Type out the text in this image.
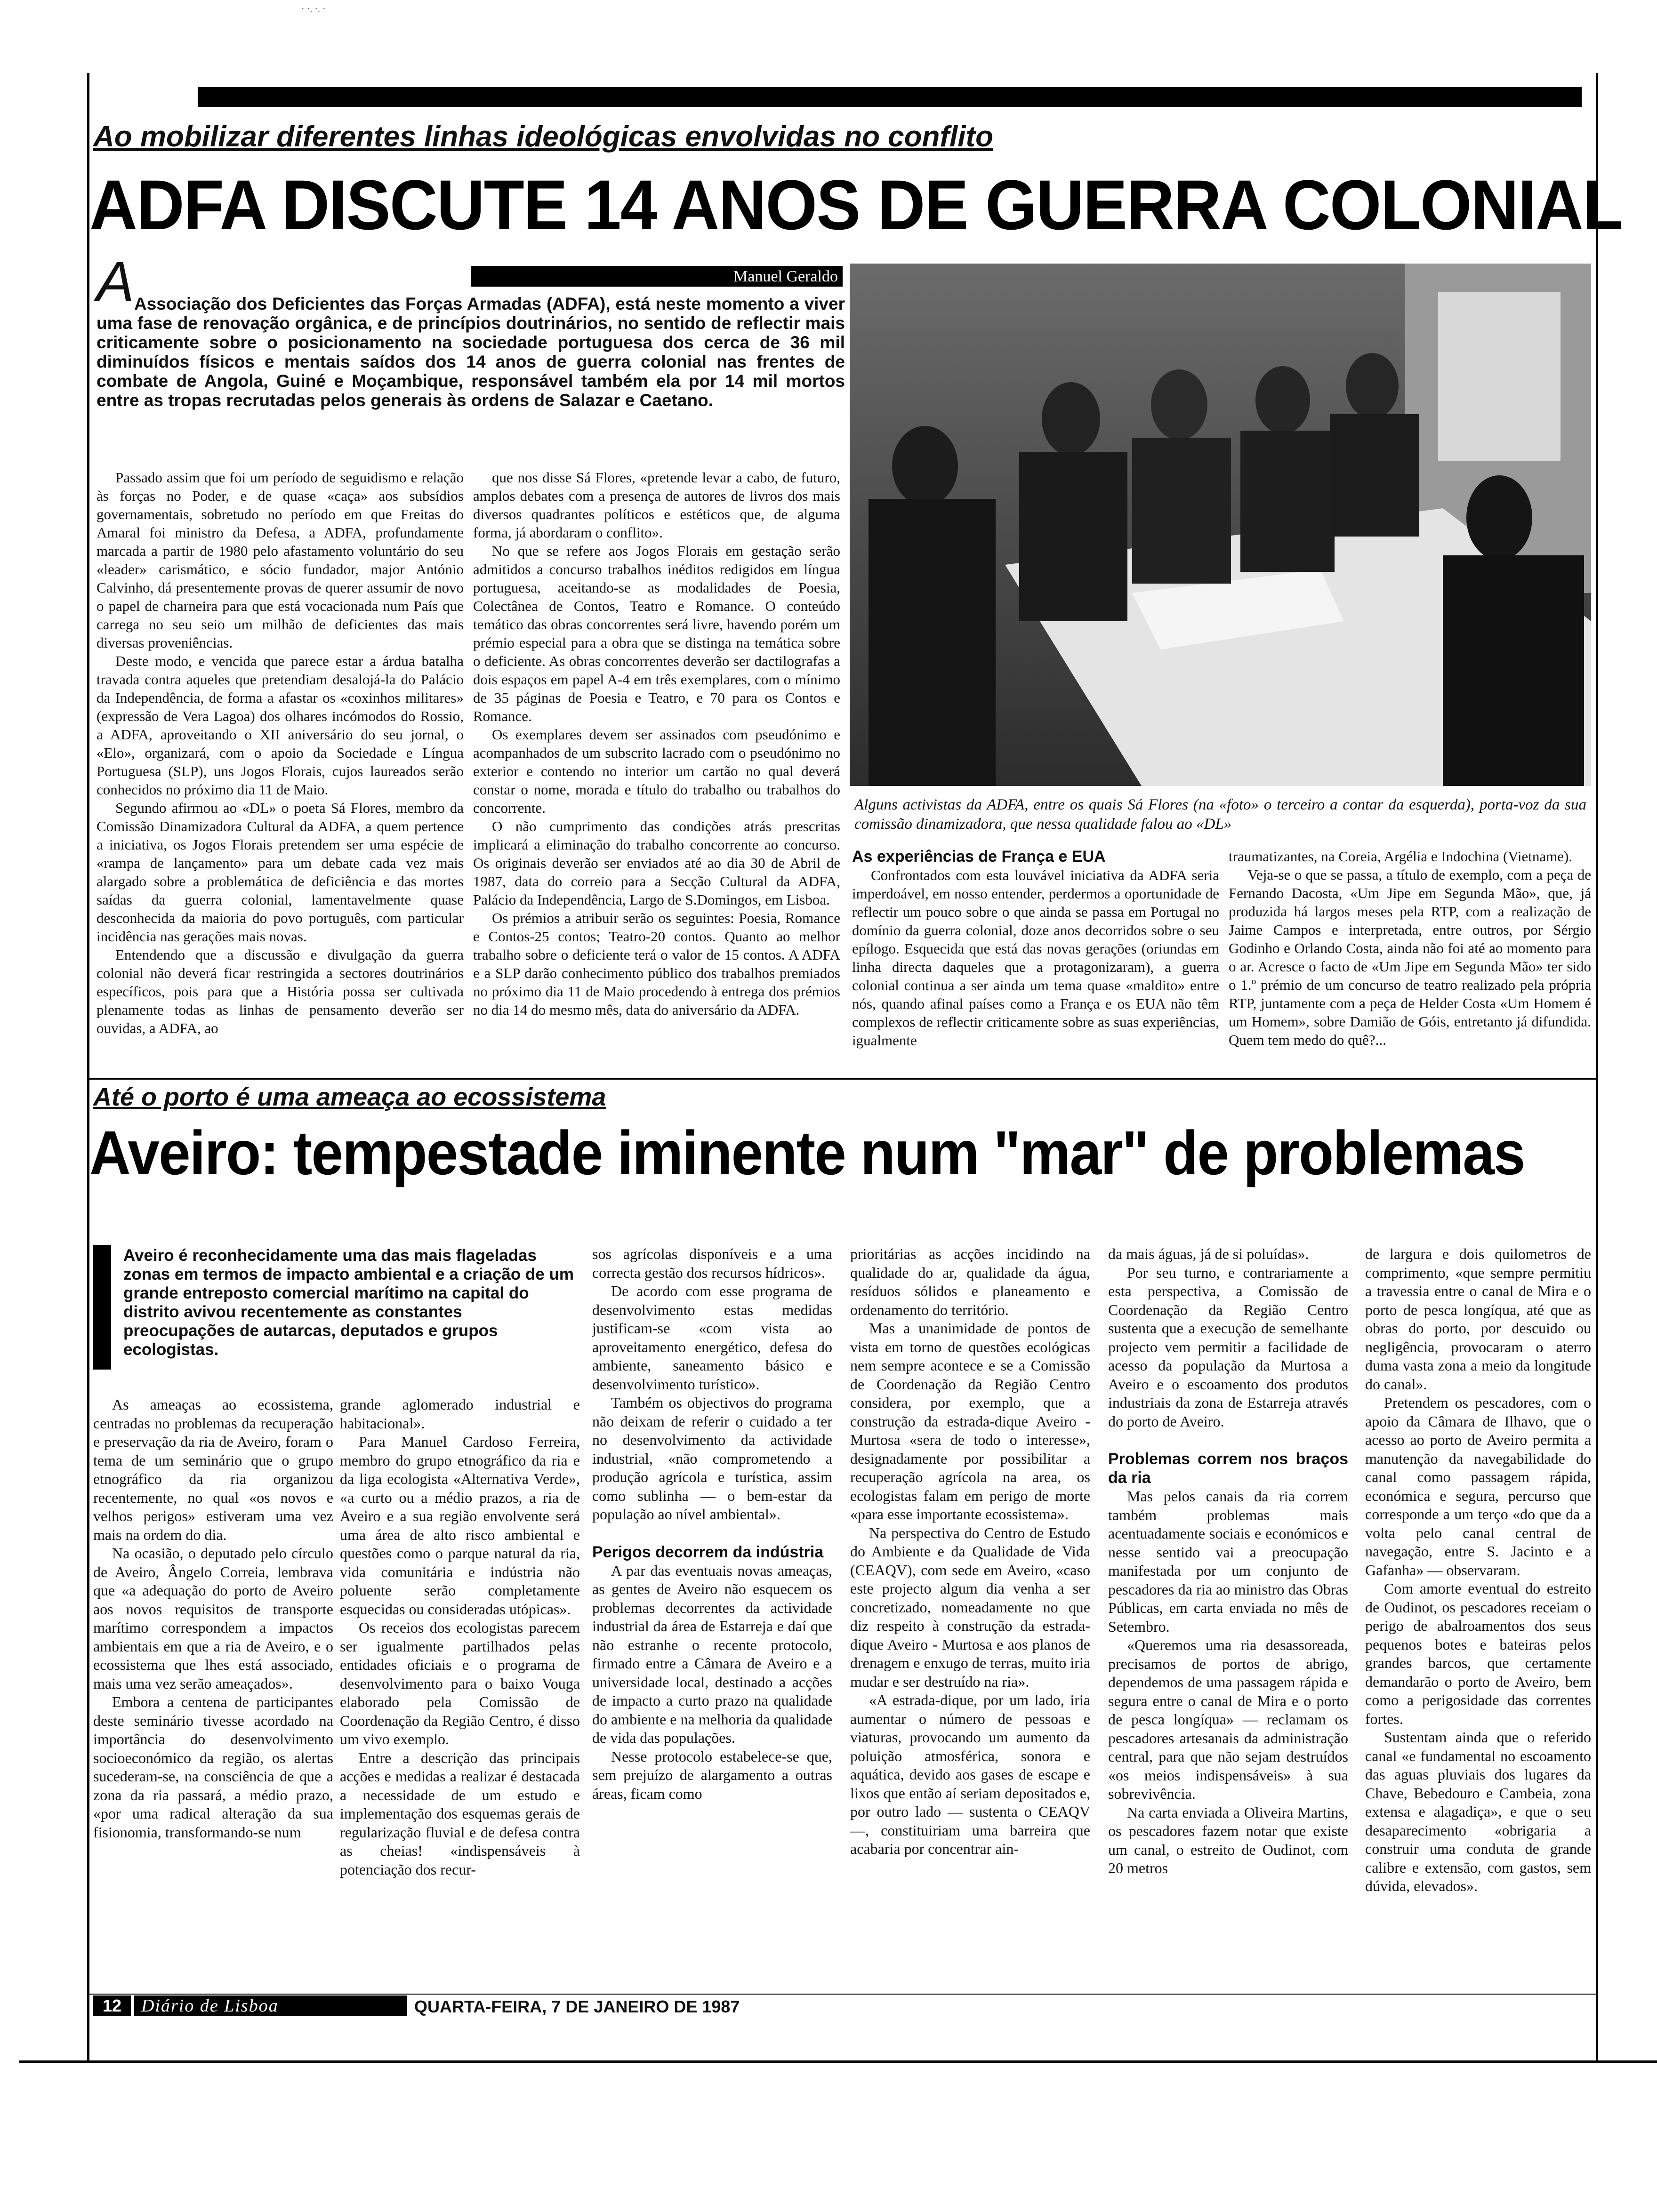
· ·. ·. ·
Ao mobilizar diferentes linhas ideológicas envolvidas no conflito
ADFA DISCUTE 14 ANOS DE GUERRA COLONIAL
Manuel Geraldo
A Associação dos Deficientes das Forças Armadas (ADFA), está neste momento a viver uma fase de renovação orgânica, e de princípios doutrinários, no sentido de reflectir mais criticamente sobre o posicionamento na sociedade portuguesa dos cerca de 36 mil diminuídos físicos e mentais saídos dos 14 anos de guerra colonial nas frentes de combate de Angola, Guiné e Moçambique, responsável também ela por 14 mil mortos entre as tropas recrutadas pelos generais às ordens de Salazar e Caetano.

Passado assim que foi um período de seguidismo e relação às forças no Poder, e de quase «caça» aos subsídios governamentais, sobretudo no período em que Freitas do Amaral foi ministro da Defesa, a ADFA, profundamente marcada a partir de 1980 pelo afastamento voluntário do seu «leader» carismático, e sócio fundador, major António Calvinho, dá presentemente provas de querer assumir de novo o papel de charneira para que está vocacionada num País que carrega no seu seio um milhão de deficientes das mais diversas proveniências.

Deste modo, e vencida que parece estar a árdua batalha travada contra aqueles que pretendiam desalojá-la do Palácio da Independência, de forma a afastar os «coxinhos militares» (expressão de Vera Lagoa) dos olhares incómodos do Rossio, a ADFA, aproveitando o XII aniversário do seu jornal, o «Elo», organizará, com o apoio da Sociedade e Língua Portuguesa (SLP), uns Jogos Florais, cujos laureados serão conhecidos no próximo dia 11 de Maio.

Segundo afirmou ao «DL» o poeta Sá Flores, membro da Comissão Dinamizadora Cultural da ADFA, a quem pertence a iniciativa, os Jogos Florais pretendem ser uma espécie de «rampa de lançamento» para um debate cada vez mais alargado sobre a problemática de deficiência e das mortes saídas da guerra colonial, lamentavelmente quase desconhecida da maioria do povo português, com particular incidência nas gerações mais novas.

Entendendo que a discussão e divulgação da guerra colonial não deverá ficar restringida a sectores doutrinários específicos, pois para que a História possa ser cultivada plenamente todas as linhas de pensamento deverão ser ouvidas, a ADFA, ao

que nos disse Sá Flores, «pretende levar a cabo, de futuro, amplos debates com a presença de autores de livros dos mais diversos quadrantes políticos e estéticos que, de alguma forma, já abordaram o conflito».

No que se refere aos Jogos Florais em gestação serão admitidos a concurso trabalhos inéditos redigidos em língua portuguesa, aceitando-se as modalidades de Poesia, Colectânea de Contos, Teatro e Romance. O conteúdo temático das obras concorrentes será livre, havendo porém um prémio especial para a obra que se distinga na temática sobre o deficiente. As obras concorrentes deverão ser dactilografas a dois espaços em papel A-4 em três exemplares, com o mínimo de 35 páginas de Poesia e Teatro, e 70 para os Contos e Romance.

Os exemplares devem ser assinados com pseudónimo e acompanhados de um subscrito lacrado com o pseudónimo no exterior e contendo no interior um cartão no qual deverá constar o nome, morada e título do trabalho ou trabalhos do concorrente.

O não cumprimento das condições atrás prescritas implicará a eliminação do trabalho concorrente ao concurso. Os originais deverão ser enviados até ao dia 30 de Abril de 1987, data do correio para a Secção Cultural da ADFA, Palácio da Independência, Largo de S.Domingos, em Lisboa.

Os prémios a atribuir serão os seguintes: Poesia, Romance e Contos-25 contos; Teatro-20 contos. Quanto ao melhor trabalho sobre o deficiente terá o valor de 15 contos. A ADFA e a SLP darão conhecimento público dos trabalhos premiados no próximo dia 11 de Maio procedendo à entrega dos prémios no dia 14 do mesmo mês, data do aniversário da ADFA.

Alguns activistas da ADFA, entre os quais Sá Flores (na «foto» o terceiro a contar da esquerda), porta-voz da sua comissão dinamizadora, que nessa qualidade falou ao «DL»

As experiências de França e EUA

Confrontados com esta louvável iniciativa da ADFA seria imperdoável, em nosso entender, perdermos a oportunidade de reflectir um pouco sobre o que ainda se passa em Portugal no domínio da guerra colonial, doze anos decorridos sobre o seu epílogo. Esquecida que está das novas gerações (oriundas em linha directa daqueles que a protagonizaram), a guerra colonial continua a ser ainda um tema quase «maldito» entre nós, quando afinal países como a França e os EUA não têm complexos de reflectir criticamente sobre as suas experiências, igualmente

traumatizantes, na Coreia, Argélia e Indochina (Vietname).

Veja-se o que se passa, a título de exemplo, com a peça de Fernando Dacosta, «Um Jipe em Segunda Mão», que, já produzida há largos meses pela RTP, com a realização de Jaime Campos e interpretada, entre outros, por Sérgio Godinho e Orlando Costa, ainda não foi até ao momento para o ar. Acresce o facto de «Um Jipe em Segunda Mão» ter sido o 1.º prémio de um concurso de teatro realizado pela própria RTP, juntamente com a peça de Helder Costa «Um Homem é um Homem», sobre Damião de Góis, entretanto já difundida. Quem tem medo do quê?...

Até o porto é uma ameaça ao ecossistema
Aveiro: tempestade iminente num "mar" de problemas
Aveiro é reconhecidamente uma das mais flageladas zonas em termos de impacto ambiental e a criação de um grande entreposto comercial marítimo na capital do distrito avivou recentemente as constantes preocupações de autarcas, deputados e grupos ecologistas.

As ameaças ao ecossistema, centradas no problemas da recuperação e preservação da ria de Aveiro, foram o tema de um seminário que o grupo etnográfico da ria organizou recentemente, no qual «os novos e velhos perigos» estiveram uma vez mais na ordem do dia.

Na ocasião, o deputado pelo círculo de Aveiro, Ângelo Correia, lembrava que «a adequação do porto de Aveiro aos novos requisitos de transporte marítimo correspondem a impactos ambientais em que a ria de Aveiro, e o ecossistema que lhes está associado, mais uma vez serão ameaçados».

Embora a centena de participantes deste seminário tivesse acordado na importância do desenvolvimento socioeconómico da região, os alertas sucederam-se, na consciência de que a zona da ria passará, a médio prazo, «por uma radical alteração da sua fisionomia, transformando-se num

grande aglomerado industrial e habitacional».

Para Manuel Cardoso Ferreira, membro do grupo etnográfico da ria e da liga ecologista «Alternativa Verde», «a curto ou a médio prazos, a ria de Aveiro e a sua região envolvente será uma área de alto risco ambiental e questões como o parque natural da ria, vida comunitária e indústria não poluente serão completamente esquecidas ou consideradas utópicas».

Os receios dos ecologistas parecem ser igualmente partilhados pelas entidades oficiais e o programa de desenvolvimento para o baixo Vouga elaborado pela Comissão de Coordenação da Região Centro, é disso um vivo exemplo.

Entre a descrição das principais acções e medidas a realizar é destacada a necessidade de um estudo e implementação dos esquemas gerais de regularização fluvial e de defesa contra as cheias! «indispensáveis à potenciação dos recur-

sos agrícolas disponíveis e a uma correcta gestão dos recursos hídricos».

De acordo com esse programa de desenvolvimento estas medidas justificam-se «com vista ao aproveitamento energético, defesa do ambiente, saneamento básico e desenvolvimento turístico».

Também os objectivos do programa não deixam de referir o cuidado a ter no desenvolvimento da actividade industrial, «não comprometendo a produção agrícola e turística, assim como sublinha — o bem-estar da população ao nível ambiental».

Perigos decorrem da indústria

A par das eventuais novas ameaças, as gentes de Aveiro não esquecem os problemas decorrentes da actividade industrial da área de Estarreja e daí que não estranhe o recente protocolo, firmado entre a Câmara de Aveiro e a universidade local, destinado a acções de impacto a curto prazo na qualidade do ambiente e na melhoria da qualidade de vida das populações.

Nesse protocolo estabelece-se que, sem prejuízo de alargamento a outras áreas, ficam como

prioritárias as acções incidindo na qualidade do ar, qualidade da água, resíduos sólidos e planeamento e ordenamento do território.

Mas a unanimidade de pontos de vista em torno de questões ecológicas nem sempre acontece e se a Comissão de Coordenação da Região Centro considera, por exemplo, que a construção da estrada-dique Aveiro - Murtosa «sera de todo o interesse», designadamente por possibilitar a recuperação agrícola na area, os ecologistas falam em perigo de morte «para esse importante ecossistema».

Na perspectiva do Centro de Estudo do Ambiente e da Qualidade de Vida (CEAQV), com sede em Aveiro, «caso este projecto algum dia venha a ser concretizado, nomeadamente no que diz respeito à construção da estrada-dique Aveiro - Murtosa e aos planos de drenagem e enxugo de terras, muito iria mudar e ser destruído na ria».

«A estrada-dique, por um lado, iria aumentar o número de pessoas e viaturas, provocando um aumento da poluição atmosférica, sonora e aquática, devido aos gases de escape e lixos que então aí seriam depositados e, por outro lado — sustenta o CEAQV —, constituiriam uma barreira que acabaria por concentrar ain-

da mais águas, já de si poluídas».

Por seu turno, e contrariamente a esta perspectiva, a Comissão de Coordenação da Região Centro sustenta que a execução de semelhante projecto vem permitir a facilidade de acesso da população da Murtosa a Aveiro e o escoamento dos produtos industriais da zona de Estarreja através do porto de Aveiro.

Problemas correm nos braços da ria

Mas pelos canais da ria correm também problemas mais acentuadamente sociais e económicos e nesse sentido vai a preocupação manifestada por um conjunto de pescadores da ria ao ministro das Obras Públicas, em carta enviada no mês de Setembro.

«Queremos uma ria desassoreada, precisamos de portos de abrigo, dependemos de uma passagem rápida e segura entre o canal de Mira e o porto de pesca longíqua» — reclamam os pescadores artesanais da administração central, para que não sejam destruídos «os meios indispensáveis» à sua sobrevivência.

Na carta enviada a Oliveira Martins, os pescadores fazem notar que existe um canal, o estreito de Oudinot, com 20 metros

de largura e dois quilometros de comprimento, «que sempre permitiu a travessia entre o canal de Mira e o porto de pesca longíqua, até que as obras do porto, por descuido ou negligência, provocaram o aterro duma vasta zona a meio da longitude do canal».

Pretendem os pescadores, com o apoio da Câmara de Ilhavo, que o acesso ao porto de Aveiro permita a manutenção da navegabilidade do canal como passagem rápida, económica e segura, percurso que corresponde a um terço «do que da a volta pelo canal central de navegação, entre S. Jacinto e a Gafanha» — observaram.

Com amorte eventual do estreito de Oudinot, os pescadores receiam o perigo de abalroamentos dos seus pequenos botes e bateiras pelos grandes barcos, que certamente demandarão o porto de Aveiro, bem como a perigosidade das correntes fortes.

Sustentam ainda que o referido canal «e fundamental no escoamento das aguas pluviais dos lugares da Chave, Bebedouro e Cambeia, zona extensa e alagadiça», e que o seu desaparecimento «obrigaria a construir uma conduta de grande calibre e extensão, com gastos, sem dúvida, elevados».

12	Diário de Lisboa	QUARTA-FEIRA, 7 DE JANEIRO DE 1987
